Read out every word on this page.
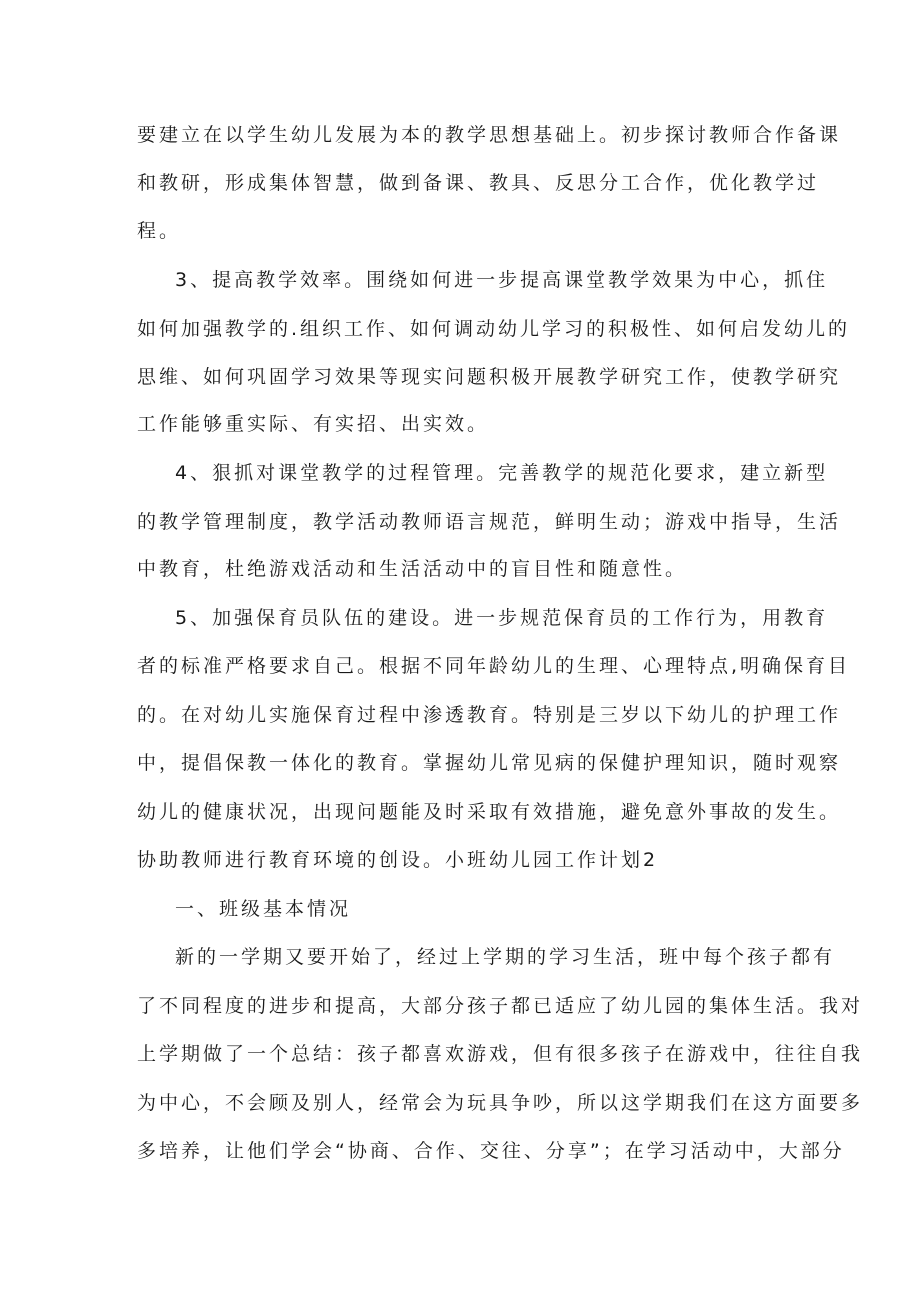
要建立在以学生幼儿发展为本的教学思想基础上。初步探讨教师合作备课
和教研，形成集体智慧，做到备课、教具、反思分工合作，优化教学过
程。
3、提高教学效率。围绕如何进一步提高课堂教学效果为中心，抓住
如何加强教学的.组织工作、如何调动幼儿学习的积极性、如何启发幼儿的
思维、如何巩固学习效果等现实问题积极开展教学研究工作，使教学研究
工作能够重实际、有实招、出实效。
4、狠抓对课堂教学的过程管理。完善教学的规范化要求，建立新型
的教学管理制度，教学活动教师语言规范，鲜明生动；游戏中指导，生活
中教育，杜绝游戏活动和生活活动中的盲目性和随意性。
5、加强保育员队伍的建设。进一步规范保育员的工作行为，用教育
者的标准严格要求自己。根据不同年龄幼儿的生理、心理特点,明确保育目
的。在对幼儿实施保育过程中渗透教育。特别是三岁以下幼儿的护理工作
中，提倡保教一体化的教育。掌握幼儿常见病的保健护理知识，随时观察
幼儿的健康状况，出现问题能及时采取有效措施，避免意外事故的发生。
协助教师进行教育环境的创设。小班幼儿园工作计划2
一、班级基本情况
新的一学期又要开始了，经过上学期的学习生活，班中每个孩子都有
了不同程度的进步和提高，大部分孩子都已适应了幼儿园的集体生活。我对
上学期做了一个总结：孩子都喜欢游戏，但有很多孩子在游戏中，往往自我
为中心，不会顾及别人，经常会为玩具争吵，所以这学期我们在这方面要多
多培养，让他们学会“协商、合作、交往、分享”；在学习活动中，大部分
